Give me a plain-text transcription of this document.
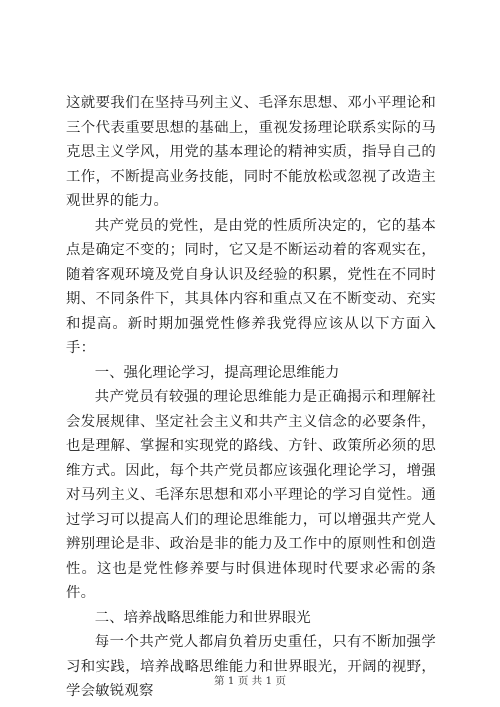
这就要我们在坚持马列主义、毛泽东思想、邓小平理论和三个代表重要思想的基础上，重视发扬理论联系实际的马克思主义学风，用党的基本理论的精神实质，指导自己的工作，不断提高业务技能，同时不能放松或忽视了改造主观世界的能力。

共产党员的党性，是由党的性质所决定的，它的基本点是确定不变的；同时，它又是不断运动着的客观实在，随着客观环境及党自身认识及经验的积累，党性在不同时期、不同条件下，其具体内容和重点又在不断变动、充实和提高。新时期加强党性修养我党得应该从以下方面入手：

一、强化理论学习，提高理论思维能力

共产党员有较强的理论思维能力是正确揭示和理解社会发展规律、坚定社会主义和共产主义信念的必要条件，也是理解、掌握和实现党的路线、方针、政策所必须的思维方式。因此，每个共产党员都应该强化理论学习，增强对马列主义、毛泽东思想和邓小平理论的学习自觉性。通过学习可以提高人们的理论思维能力，可以增强共产党人辨别理论是非、政治是非的能力及工作中的原则性和创造性。这也是党性修养要与时俱进体现时代要求必需的条件。

二、培养战略思维能力和世界眼光

每一个共产党人都肩负着历史重任，只有不断加强学习和实践，培养战略思维能力和世界眼光，开阔的视野，学会敏锐观察

第 1 页 共 1 页
